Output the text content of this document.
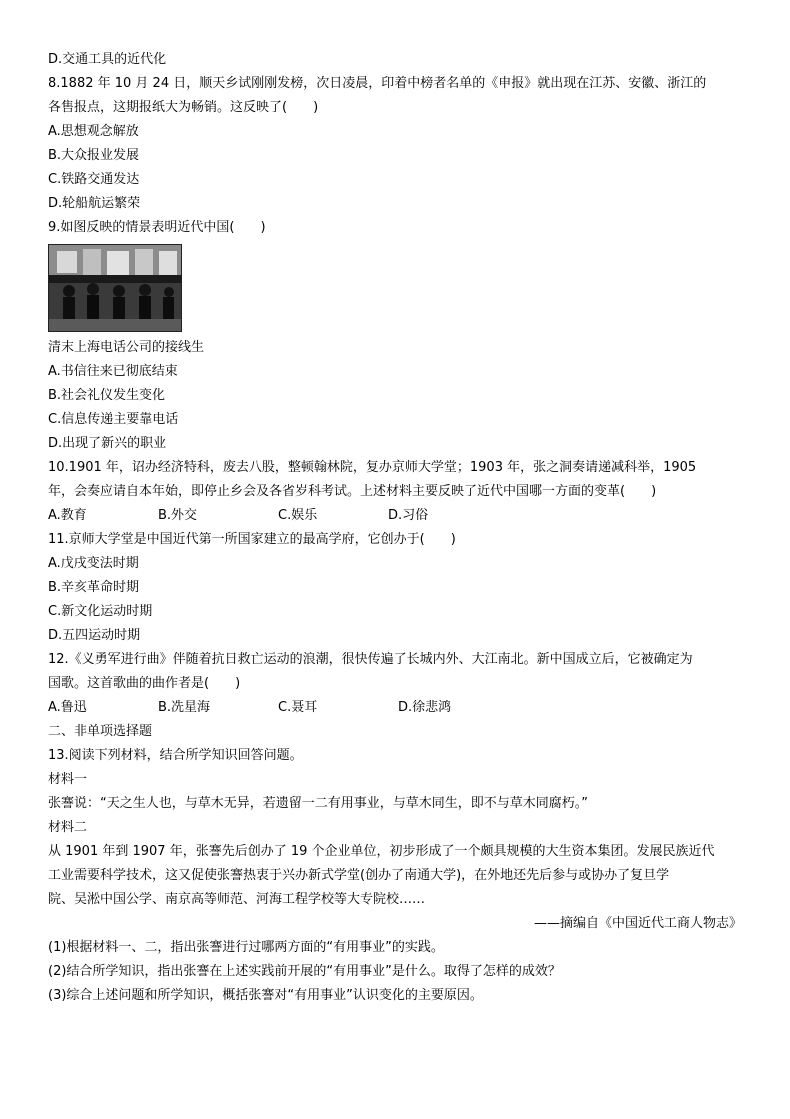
D.交通工具的近代化
8.1882 年 10 月 24 日，顺天乡试刚刚发榜，次日凌晨，印着中榜者名单的《申报》就出现在江苏、安徽、浙江的
各售报点，这期报纸大为畅销。这反映了(　　)
A.思想观念解放
B.大众报业发展
C.铁路交通发达
D.轮船航运繁荣
9.如图反映的情景表明近代中国(　　)
清末上海电话公司的接线生
A.书信往来已彻底结束
B.社会礼仪发生变化
C.信息传递主要靠电话
D.出现了新兴的职业
10.1901 年，诏办经济特科，废去八股，整顿翰林院，复办京师大学堂；1903 年，张之洞奏请递减科举，1905
年，会奏应请自本年始，即停止乡会及各省岁科考试。上述材料主要反映了近代中国哪一方面的变革(　　)
A.教育	B.外交	C.娱乐	D.习俗
11.京师大学堂是中国近代第一所国家建立的最高学府，它创办于(　　)
A.戊戌变法时期
B.辛亥革命时期
C.新文化运动时期
D.五四运动时期
12.《义勇军进行曲》伴随着抗日救亡运动的浪潮，很快传遍了长城内外、大江南北。新中国成立后，它被确定为
国歌。这首歌曲的曲作者是(　　)
A.鲁迅	B.冼星海	C.聂耳	D.徐悲鸿
二、非单项选择题
13.阅读下列材料，结合所学知识回答问题。
材料一
张謇说：“天之生人也，与草木无异，若遗留一二有用事业，与草木同生，即不与草木同腐朽。”
材料二
从 1901 年到 1907 年，张謇先后创办了 19 个企业单位，初步形成了一个颇具规模的大生资本集团。发展民族近代
工业需要科学技术，这又促使张謇热衷于兴办新式学堂(创办了南通大学)，在外地还先后参与或协办了复旦学
院、吴淞中国公学、南京高等师范、河海工程学校等大专院校……
——摘编自《中国近代工商人物志》
(1)根据材料一、二，指出张謇进行过哪两方面的“有用事业”的实践。
(2)结合所学知识，指出张謇在上述实践前开展的“有用事业”是什么。取得了怎样的成效？
(3)综合上述问题和所学知识，概括张謇对“有用事业”认识变化的主要原因。
